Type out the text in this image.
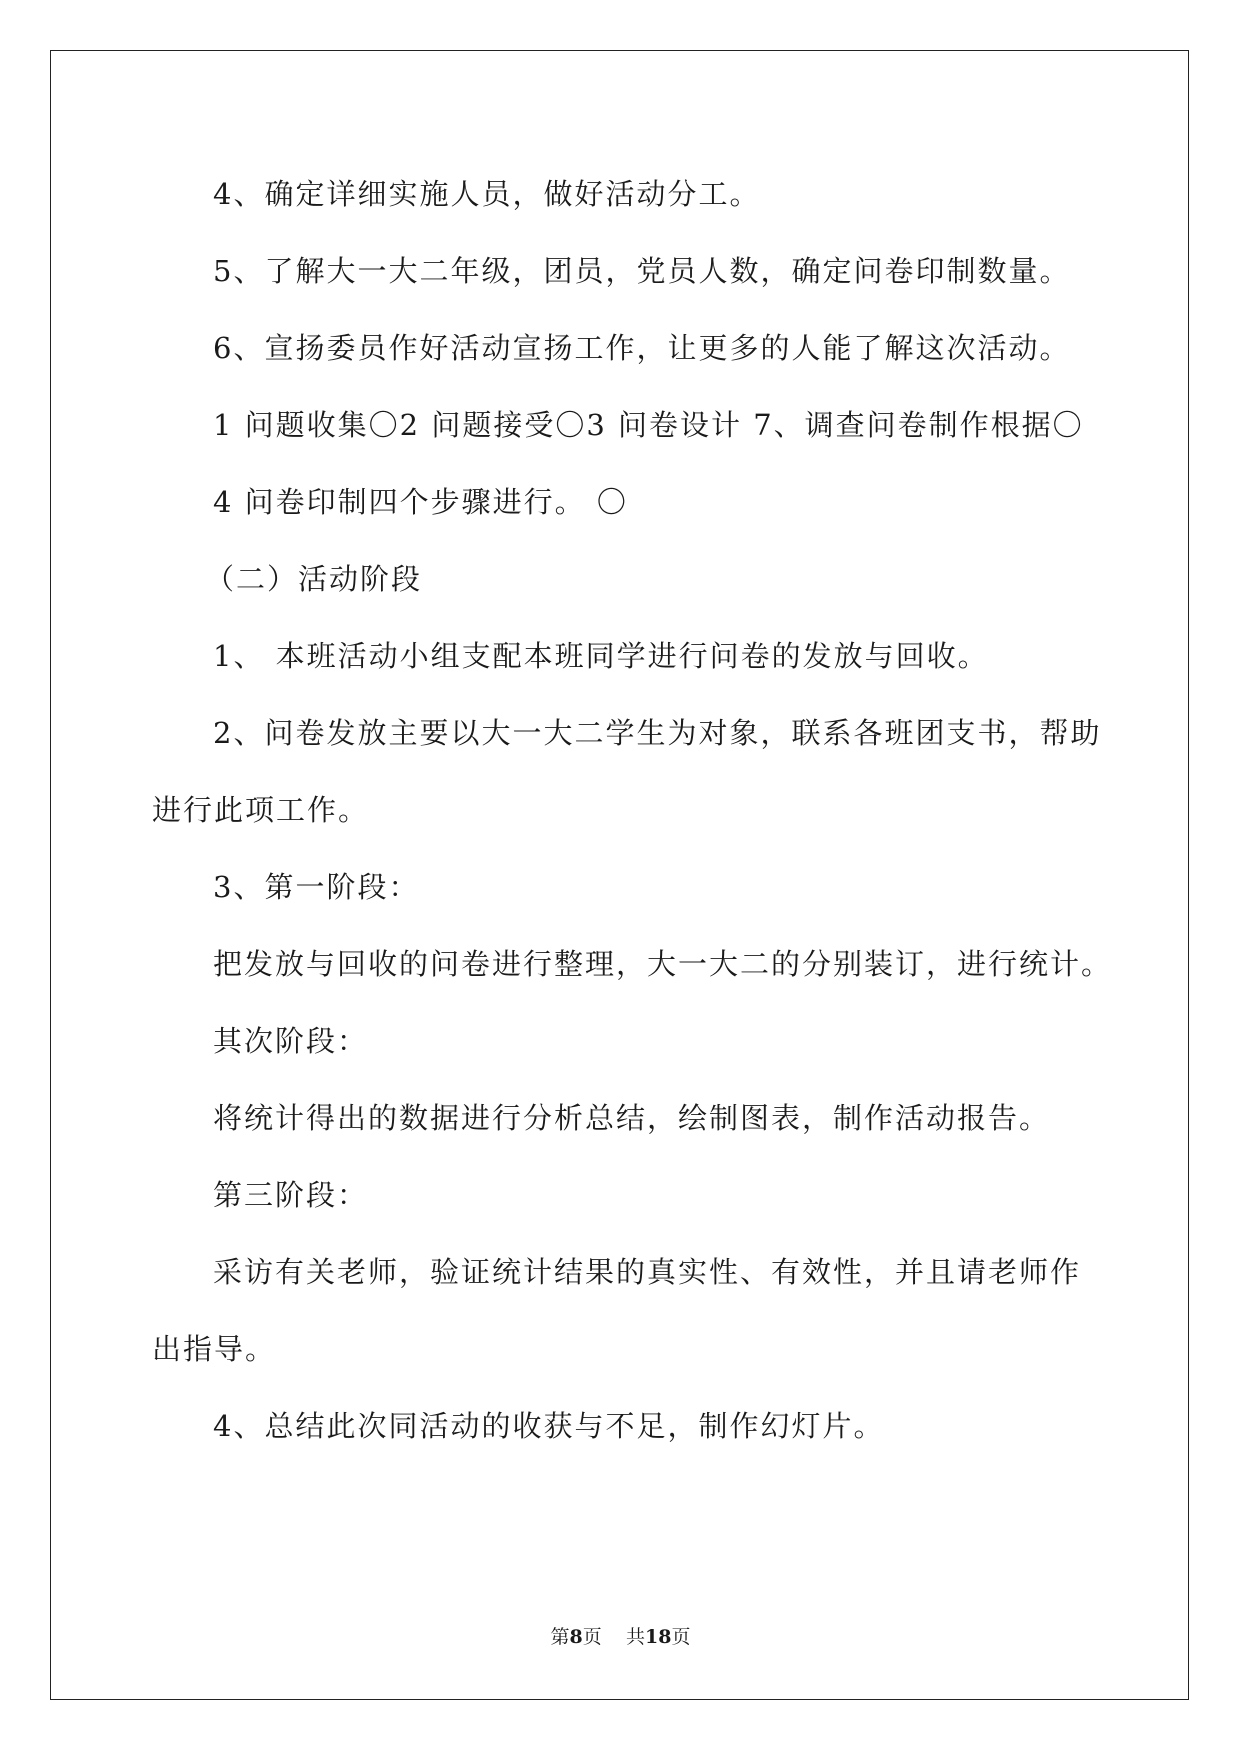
4、确定详细实施人员，做好活动分工。
5、了解大一大二年级，团员，党员人数，确定问卷印制数量。
6、宣扬委员作好活动宣扬工作，让更多的人能了解这次活动。
1 问题收集〇2 问题接受〇3 问卷设计 7、调查问卷制作根据〇
4 问卷印制四个步骤进行。 〇
（二）活动阶段
1、 本班活动小组支配本班同学进行问卷的发放与回收。
2、问卷发放主要以大一大二学生为对象，联系各班团支书，帮助
进行此项工作。
3、第一阶段：
把发放与回收的问卷进行整理，大一大二的分别装订，进行统计。
其次阶段：
将统计得出的数据进行分析总结，绘制图表，制作活动报告。
第三阶段：
采访有关老师，验证统计结果的真实性、有效性，并且请老师作
出指导。
4、总结此次同活动的收获与不足，制作幻灯片。
第8页 共18页
